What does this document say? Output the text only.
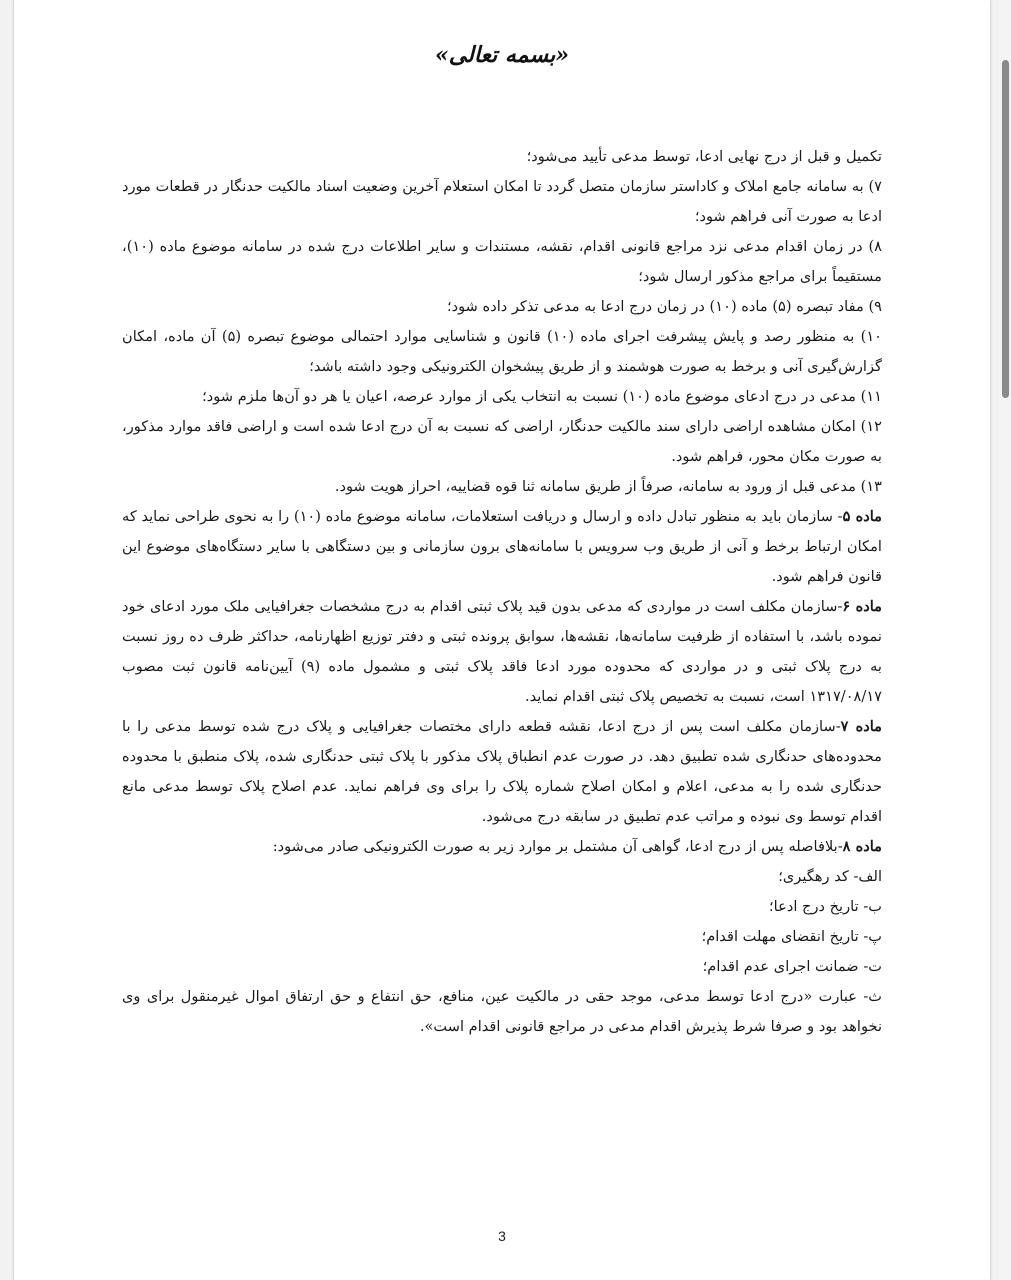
«بسمه تعالی»

تکمیل و قبل از درج نهایی ادعا، توسط مدعی تأیید می‌شود؛

۷) به سامانه جامع املاک و کاداستر سازمان متصل گردد تا امکان استعلام آخرین وضعیت اسناد مالکیت حدنگار در قطعات مورد ادعا به صورت آنی فراهم شود؛

۸) در زمان اقدام مدعی نزد مراجع قانونی اقدام، نقشه، مستندات و سایر اطلاعات درج شده در سامانه موضوع ماده (۱۰)، مستقیماً برای مراجع مذکور ارسال شود؛

۹) مفاد تبصره (۵) ماده (۱۰) در زمان درج ادعا به مدعی تذکر داده شود؛

۱۰) به منظور رصد و پایش پیشرفت اجرای ماده (۱۰) قانون و شناسایی موارد احتمالی موضوع تبصره (۵) آن ماده، امکان گزارش‌گیری آنی و برخط به صورت هوشمند و از طریق پیشخوان الکترونیکی وجود داشته باشد؛

۱۱) مدعی در درج ادعای موضوع ماده (۱۰) نسبت به انتخاب یکی از موارد عرصه، اعیان یا هر دو آن‌ها ملزم شود؛

۱۲) امکان مشاهده اراضی دارای سند مالکیت حدنگار، اراضی که نسبت به آن درج ادعا شده است و اراضی فاقد موارد مذکور، به صورت مکان محور، فراهم شود.

۱۳) مدعی قبل از ورود به سامانه، صرفاً از طریق سامانه ثنا قوه قضاییه، احراز هویت شود.

ماده ۵- سازمان باید به منظور تبادل داده و ارسال و دریافت استعلامات، سامانه موضوع ماده (۱۰) را به نحوی طراحی نماید که امکان ارتباط برخط و آنی از طریق وب سرویس با سامانه‌های برون سازمانی و بین دستگاهی با سایر دستگاه‌های موضوع این قانون فراهم شود.

ماده ۶-سازمان مکلف است در مواردی که مدعی بدون قید پلاک ثبتی اقدام به درج مشخصات جغرافیایی ملک مورد ادعای خود نموده باشد، با استفاده از ظرفیت سامانه‌ها، نقشه‌ها، سوابق پرونده ثبتی و دفتر توزیع اظهارنامه، حداکثر ظرف ده روز نسبت به درج پلاک ثبتی و در مواردی که محدوده مورد ادعا فاقد پلاک ثبتی و مشمول ماده (۹) آیین‌نامه قانون ثبت مصوب ۱۳۱۷/۰۸/۱۷ است، نسبت به تخصیص پلاک ثبتی اقدام نماید.

ماده ۷-سازمان مکلف است پس از درج ادعا، نقشه قطعه دارای مختصات جغرافیایی و پلاک درج شده توسط مدعی را با محدوده‌های حدنگاری شده تطبیق دهد. در صورت عدم انطباق پلاک مذکور با پلاک ثبتی حدنگاری شده، پلاک منطبق با محدوده حدنگاری شده را به مدعی، اعلام و امکان اصلاح شماره پلاک را برای وی فراهم نماید. عدم اصلاح پلاک توسط مدعی مانع اقدام توسط وی نبوده و مراتب عدم تطبیق در سابقه درج می‌شود.

ماده ۸-بلافاصله پس از درج ادعا، گواهی آن مشتمل بر موارد زیر به صورت الکترونیکی صادر می‌شود:

الف- کد رهگیری؛

ب- تاریخ درج ادعا؛

پ- تاریخ انقضای مهلت اقدام؛

ت- ضمانت اجرای عدم اقدام؛

ث- عبارت «درج ادعا توسط مدعی، موجد حقی در مالکیت عین، منافع، حق انتفاع و حق ارتفاق اموال غیرمنقول برای وی نخواهد بود و صرفا شرط پذیرش اقدام مدعی در مراجع قانونی اقدام است».

3
